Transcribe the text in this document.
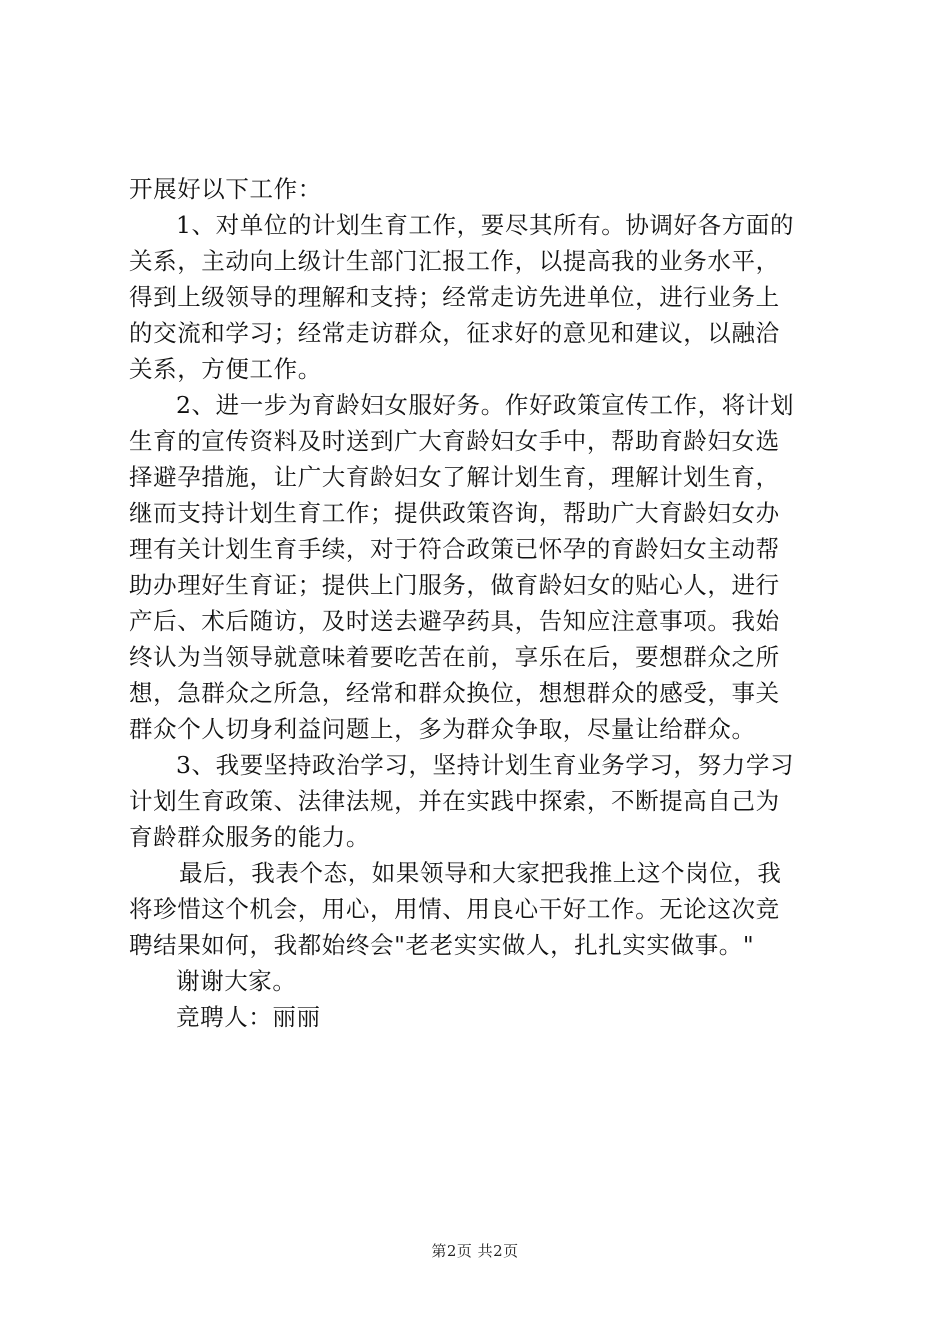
开展好以下工作：
1、对单位的计划生育工作，要尽其所有。协调好各方面的
关系，主动向上级计生部门汇报工作，以提高我的业务水平，
得到上级领导的理解和支持；经常走访先进单位，进行业务上
的交流和学习；经常走访群众，征求好的意见和建议，以融洽
关系，方便工作。
2、进一步为育龄妇女服好务。作好政策宣传工作，将计划
生育的宣传资料及时送到广大育龄妇女手中，帮助育龄妇女选
择避孕措施，让广大育龄妇女了解计划生育，理解计划生育，
继而支持计划生育工作；提供政策咨询，帮助广大育龄妇女办
理有关计划生育手续，对于符合政策已怀孕的育龄妇女主动帮
助办理好生育证；提供上门服务，做育龄妇女的贴心人，进行
产后、术后随访，及时送去避孕药具，告知应注意事项。我始
终认为当领导就意味着要吃苦在前，享乐在后，要想群众之所
想，急群众之所急，经常和群众换位，想想群众的感受，事关
群众个人切身利益问题上，多为群众争取，尽量让给群众。
3、我要坚持政治学习，坚持计划生育业务学习，努力学习
计划生育政策、法律法规，并在实践中探索，不断提高自己为
育龄群众服务的能力。
最后，我表个态，如果领导和大家把我推上这个岗位，我
将珍惜这个机会，用心，用情、用良心干好工作。无论这次竞
聘结果如何，我都始终会"老老实实做人，扎扎实实做事。"
谢谢大家。
竞聘人：丽丽
第2页 共2页
